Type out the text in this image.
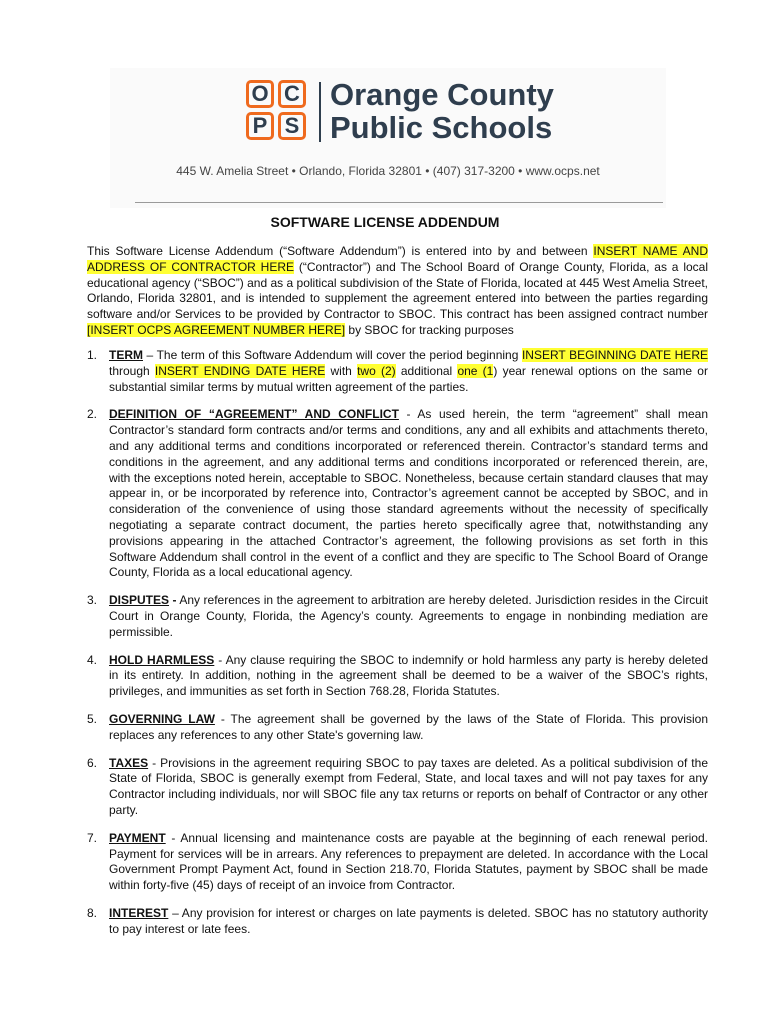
O C
P S
Orange County
Public Schools
445 W. Amelia Street • Orlando, Florida 32801 • (407) 317-3200 • www.ocps.net
SOFTWARE LICENSE ADDENDUM

This Software License Addendum (“Software Addendum”) is entered into by and between INSERT NAME AND ADDRESS OF CONTRACTOR HERE (“Contractor”) and The School Board of Orange County, Florida, as a local educational agency (“SBOC”) and as a political subdivision of the State of Florida, located at 445 West Amelia Street, Orlando, Florida 32801, and is intended to supplement the agreement entered into between the parties regarding software and/or Services to be provided by Contractor to SBOC. This contract has been assigned contract number [INSERT OCPS AGREEMENT NUMBER HERE] by SBOC for tracking purposes

1. TERM – The term of this Software Addendum will cover the period beginning INSERT BEGINNING DATE HERE through INSERT ENDING DATE HERE with two (2) additional one (1) year renewal options on the same or substantial similar terms by mutual written agreement of the parties.
2. DEFINITION OF “AGREEMENT” AND CONFLICT - As used herein, the term “agreement” shall mean Contractor’s standard form contracts and/or terms and conditions, any and all exhibits and attachments thereto, and any additional terms and conditions incorporated or referenced therein. Contractor’s standard terms and conditions in the agreement, and any additional terms and conditions incorporated or referenced therein, are, with the exceptions noted herein, acceptable to SBOC. Nonetheless, because certain standard clauses that may appear in, or be incorporated by reference into, Contractor’s agreement cannot be accepted by SBOC, and in consideration of the convenience of using those standard agreements without the necessity of specifically negotiating a separate contract document, the parties hereto specifically agree that, notwithstanding any provisions appearing in the attached Contractor’s agreement, the following provisions as set forth in this Software Addendum shall control in the event of a conflict and they are specific to The School Board of Orange County, Florida as a local educational agency.
3. DISPUTES - Any references in the agreement to arbitration are hereby deleted. Jurisdiction resides in the Circuit Court in Orange County, Florida, the Agency’s county. Agreements to engage in nonbinding mediation are permissible.
4. HOLD HARMLESS - Any clause requiring the SBOC to indemnify or hold harmless any party is hereby deleted in its entirety. In addition, nothing in the agreement shall be deemed to be a waiver of the SBOC’s rights, privileges, and immunities as set forth in Section 768.28, Florida Statutes.
5. GOVERNING LAW - The agreement shall be governed by the laws of the State of Florida. This provision replaces any references to any other State's governing law.
6. TAXES - Provisions in the agreement requiring SBOC to pay taxes are deleted. As a political subdivision of the State of Florida, SBOC is generally exempt from Federal, State, and local taxes and will not pay taxes for any Contractor including individuals, nor will SBOC file any tax returns or reports on behalf of Contractor or any other party.
7. PAYMENT - Annual licensing and maintenance costs are payable at the beginning of each renewal period. Payment for services will be in arrears. Any references to prepayment are deleted. In accordance with the Local Government Prompt Payment Act, found in Section 218.70, Florida Statutes, payment by SBOC shall be made within forty-five (45) days of receipt of an invoice from Contractor.
8. INTEREST – Any provision for interest or charges on late payments is deleted. SBOC has no statutory authority to pay interest or late fees.
